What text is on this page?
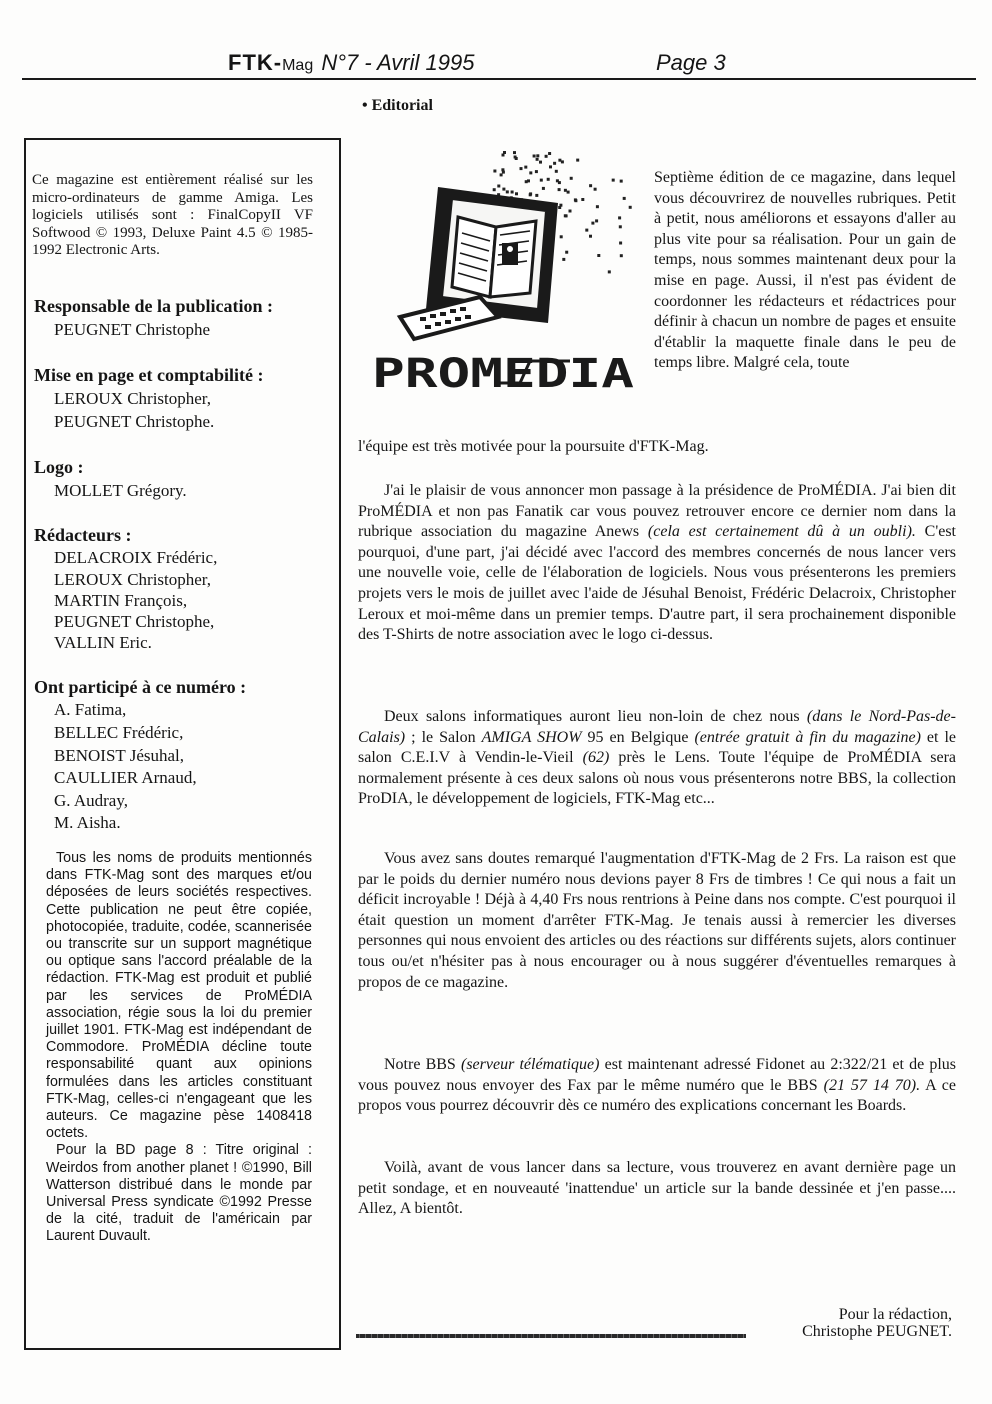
FTK-Mag N°7 - Avril 1995	Page 3
• Editorial
Ce magazine est entièrement réalisé sur les micro-ordinateurs de gamme Amiga. Les logiciels utilisés sont : FinalCopyII VF Softwood © 1993, Deluxe Paint 4.5 © 1985-1992 Electronic Arts.
Responsable de la publication :
PEUGNET Christophe
Mise en page et comptabilité :
LEROUX Christopher,
PEUGNET Christophe.
Logo :
MOLLET Grégory.
Rédacteurs :
DELACROIX Frédéric,
LEROUX Christopher,
MARTIN François,
PEUGNET Christophe,
VALLIN Eric.
Ont participé à ce numéro :
A. Fatima,
BELLEC Frédéric,
BENOIST Jésuhal,
CAULLIER Arnaud,
G. Audray,
M. Aisha.

Tous les noms de produits mentionnés dans FTK-Mag sont des marques et/ou déposées de leurs sociétés respectives. Cette publication ne peut être copiée, photocopiée, traduite, codée, scannerisée ou transcrite sur un support magnétique ou optique sans l'accord préalable de la rédaction. FTK-Mag est produit et publié par les services de ProMÉDIA association, régie sous la loi du premier juillet 1901. FTK-Mag est indépendant de Commodore. ProMÉDIA décline toute responsabilité quant aux opinions formulées dans les articles constituant FTK-Mag, celles-ci n'engageant que les auteurs. Ce magazine pèse 1408418 octets.

Pour la BD page 8 : Titre original : Weirdos from another planet ! ©1990, Bill Watterson distribué dans le monde par Universal Press syndicate ©1992 Presse de la cité, traduit de l'américain par Laurent Duvault.

PROMEDIA
Septième édition de ce magazine, dans lequel vous découvrirez de nouvelles rubriques. Petit à petit, nous améliorons et essayons d'aller au plus vite pour sa réalisation. Pour un gain de temps, nous sommes maintenant deux pour la mise en page. Aussi, il n'est pas évident de coordonner les rédacteurs et rédactrices pour définir à chacun un nombre de pages et ensuite d'établir la maquette finale dans le peu de temps libre. Malgré cela, toute
l'équipe est très motivée pour la poursuite d'FTK-Mag.
J'ai le plaisir de vous annoncer mon passage à la présidence de ProMÉDIA. J'ai bien dit ProMÉDIA et non pas Fanatik car vous pouvez retrouver encore ce dernier nom dans la rubrique association du magazine Anews (cela est certainement dû à un oubli). C'est pourquoi, d'une part, j'ai décidé avec l'accord des membres concernés de nous lancer vers une nouvelle voie, celle de l'élaboration de logiciels. Nous vous présenterons les premiers projets vers le mois de juillet avec l'aide de Jésuhal Benoist, Frédéric Delacroix, Christopher Leroux et moi-même dans un premier temps. D'autre part, il sera prochainement disponible des T-Shirts de notre association avec le logo ci-dessus.
Deux salons informatiques auront lieu non-loin de chez nous (dans le Nord-Pas-de-Calais) ; le Salon AMIGA SHOW 95 en Belgique (entrée gratuit à fin du magazine) et le salon C.E.I.V à Vendin-le-Vieil (62) près le Lens. Toute l'équipe de ProMÉDIA sera normalement présente à ces deux salons où nous vous présenterons notre BBS, la collection ProDIA, le développement de logiciels, FTK-Mag etc...
Vous avez sans doutes remarqué l'augmentation d'FTK-Mag de 2 Frs. La raison est que par le poids du dernier numéro nous devions payer 8 Frs de timbres ! Ce qui nous a fait un déficit incroyable ! Déjà à 4,40 Frs nous rentrions à Peine dans nos compte. C'est pourquoi il était question un moment d'arrêter FTK-Mag. Je tenais aussi à remercier les diverses personnes qui nous envoient des articles ou des réactions sur différents sujets, alors continuer tous ou/et n'hésiter pas à nous encourager ou à nous suggérer d'éventuelles remarques à propos de ce magazine.
Notre BBS (serveur télématique) est maintenant adressé Fidonet au 2:322/21 et de plus vous pouvez nous envoyer des Fax par le même numéro que le BBS (21 57 14 70). A ce propos vous pourrez découvrir dès ce numéro des explications concernant les Boards.
Voilà, avant de vous lancer dans sa lecture, vous trouverez en avant dernière page un petit sondage, et en nouveauté 'inattendue' un article sur la bande dessinée et j'en passe.... Allez, A bientôt.
Pour la rédaction,
Christophe PEUGNET.
